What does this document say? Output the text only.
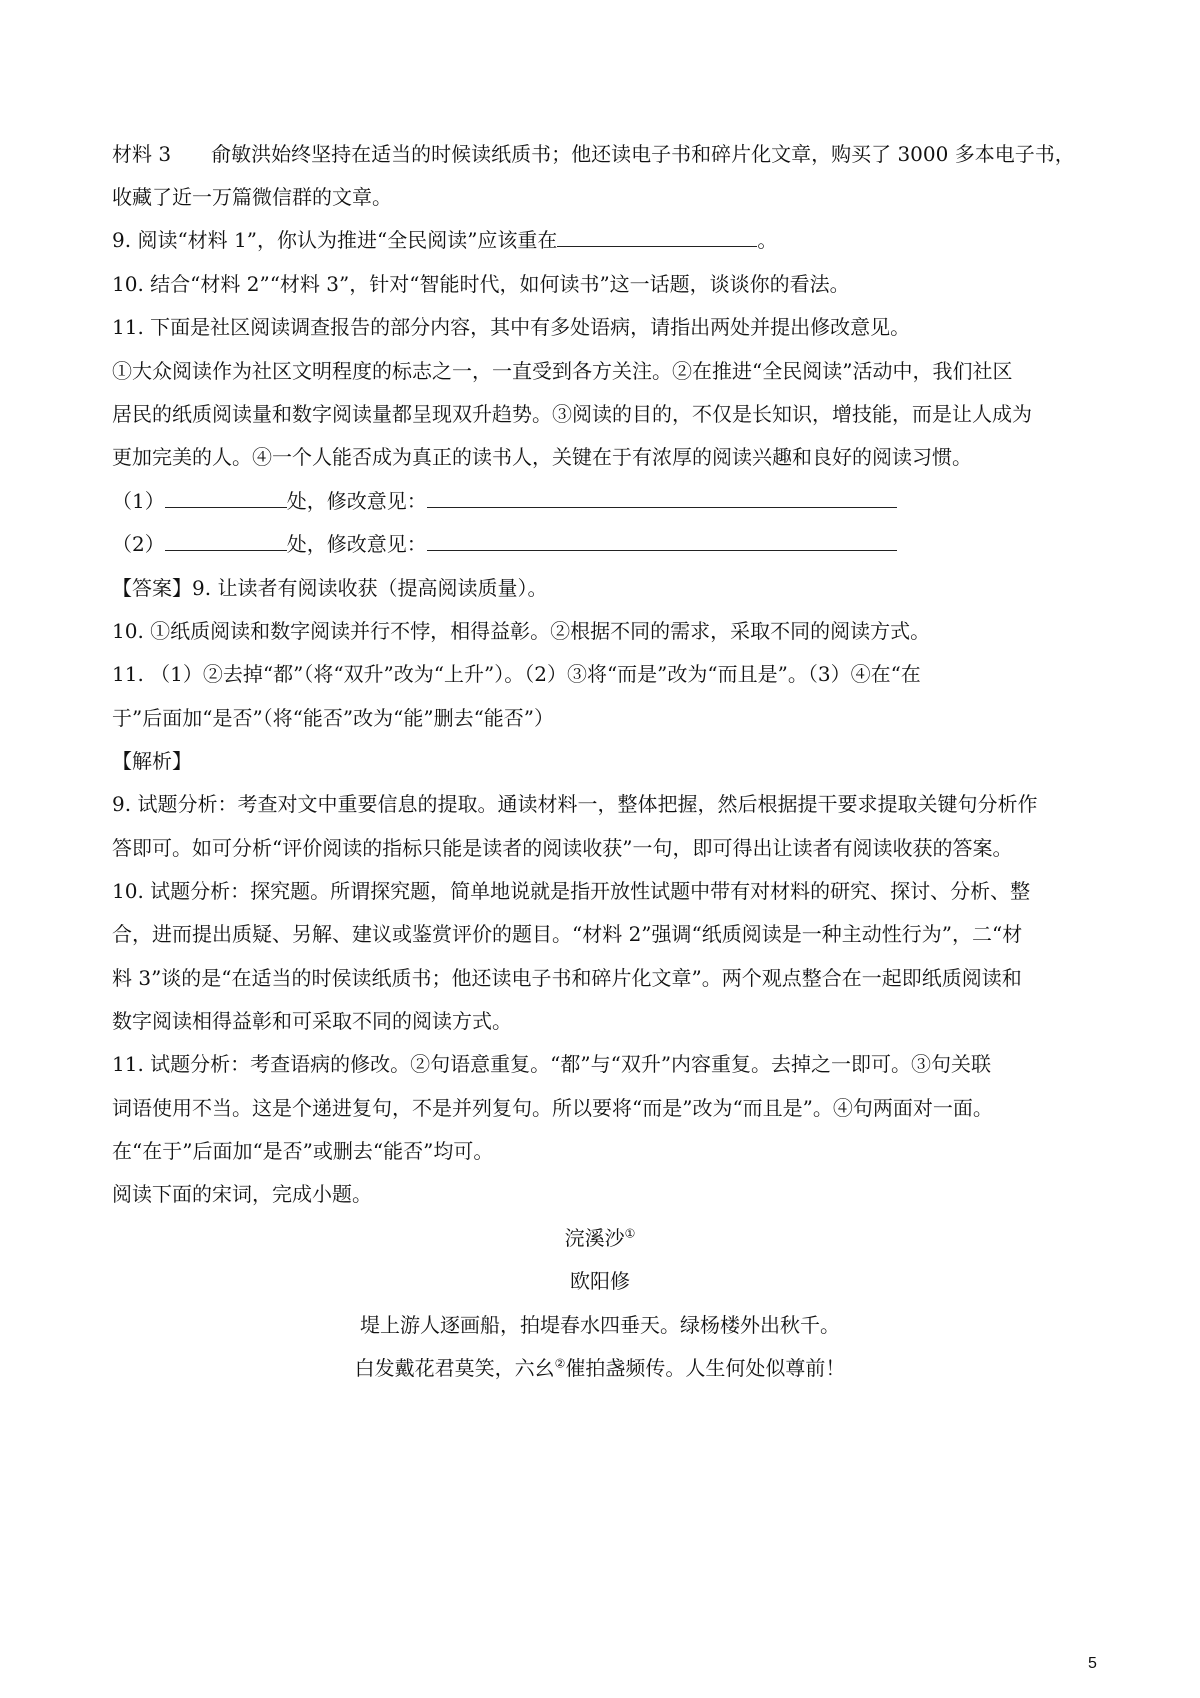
材料 3 俞敏洪始终坚持在适当的时候读纸质书；他还读电子书和碎片化文章，购买了 3000 多本电子书，
收藏了近一万篇微信群的文章。
9. 阅读“材料 1”，你认为推进“全民阅读”应该重在	。
10. 结合“材料 2”“材料 3”，针对“智能时代，如何读书”这一话题，谈谈你的看法。
11. 下面是社区阅读调查报告的部分内容，其中有多处语病，请指出两处并提出修改意见。
①大众阅读作为社区文明程度的标志之一，一直受到各方关注。②在推进“全民阅读”活动中，我们社区
居民的纸质阅读量和数字阅读量都呈现双升趋势。③阅读的目的，不仅是长知识，增技能，而是让人成为
更加完美的人。④一个人能否成为真正的读书人，关键在于有浓厚的阅读兴趣和良好的阅读习惯。
（1）	处，修改意见：
（2）	处，修改意见：
【答案】9. 让读者有阅读收获（提高阅读质量）。
10. ①纸质阅读和数字阅读并行不悖，相得益彰。②根据不同的需求，采取不同的阅读方式。
11. （1）②去掉“都”（将“双升”改为“上升”）。（2）③将“而是”改为“而且是”。（3）④在“在
于”后面加“是否”（将“能否”改为“能”删去“能否”）
【解析】
9. 试题分析：考查对文中重要信息的提取。通读材料一，整体把握，然后根据提干要求提取关键句分析作
答即可。如可分析“评价阅读的指标只能是读者的阅读收获”一句，即可得出让读者有阅读收获的答案。
10. 试题分析：探究题。所谓探究题，简单地说就是指开放性试题中带有对材料的研究、探讨、分析、整
合，进而提出质疑、另解、建议或鉴赏评价的题目。“材料 2”强调“纸质阅读是一种主动性行为”，二“材
料 3”谈的是“在适当的时侯读纸质书；他还读电子书和碎片化文章”。两个观点整合在一起即纸质阅读和
数字阅读相得益彰和可采取不同的阅读方式。
11. 试题分析：考查语病的修改。②句语意重复。“都”与“双升”内容重复。去掉之一即可。③句关联
词语使用不当。这是个递进复句，不是并列复句。所以要将“而是”改为“而且是”。④句两面对一面。
在“在于”后面加“是否”或删去“能否”均可。
阅读下面的宋词，完成小题。
浣溪沙①
欧阳修
堤上游人逐画船，拍堤春水四垂天。绿杨楼外出秋千。
白发戴花君莫笑，六幺②催拍盏频传。人生何处似尊前！
5
